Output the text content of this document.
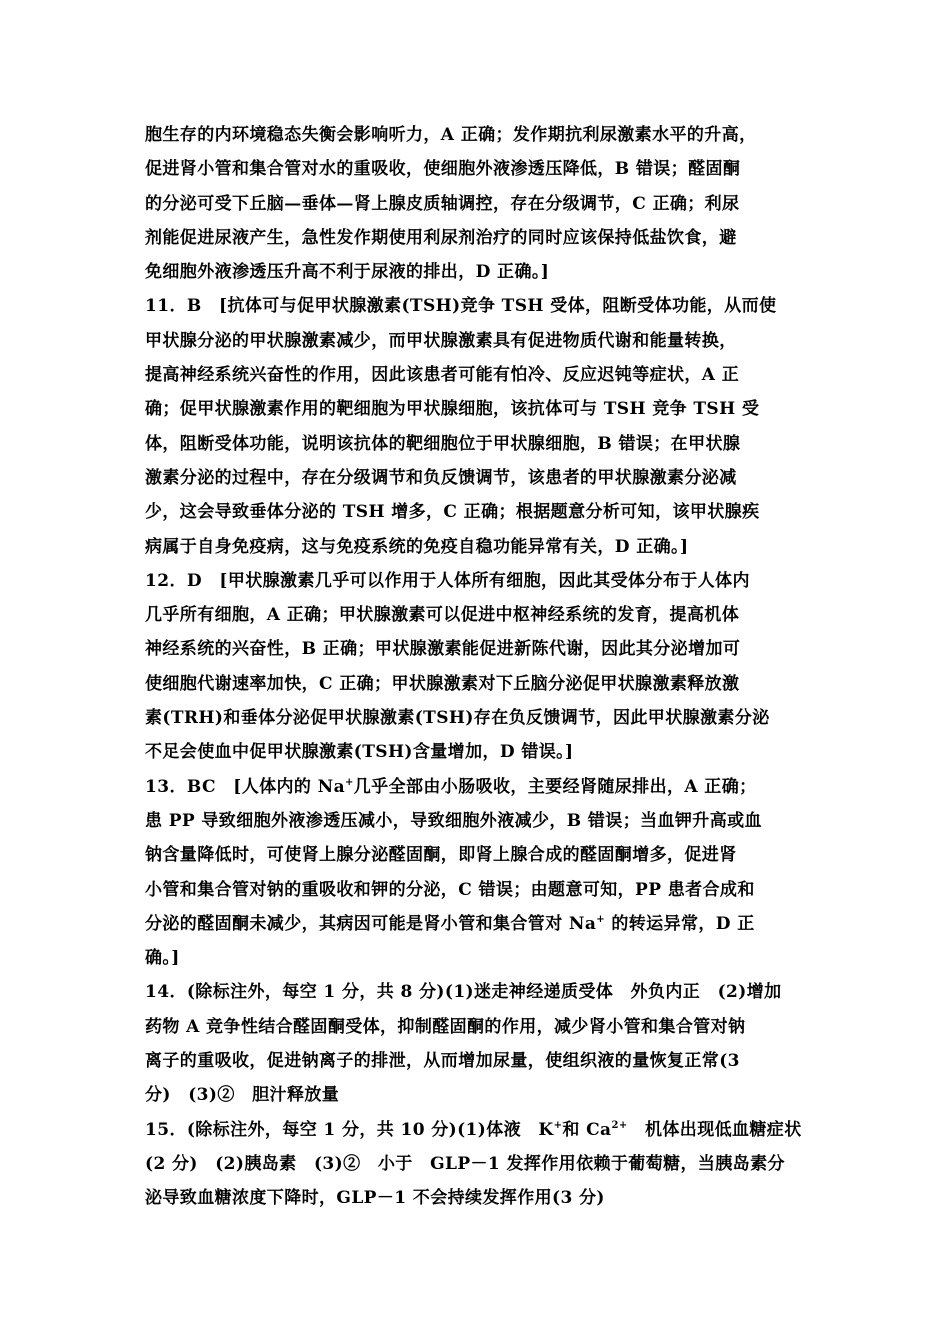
胞生存的内环境稳态失衡会影响听力，A 正确；发作期抗利尿激素水平的升高，
促进肾小管和集合管对水的重吸收，使细胞外液渗透压降低，B 错误；醛固酮
的分泌可受下丘脑—垂体—肾上腺皮质轴调控，存在分级调节，C 正确；利尿
剂能促进尿液产生，急性发作期使用利尿剂治疗的同时应该保持低盐饮食，避
免细胞外液渗透压升高不利于尿液的排出，D 正确。]
11．B　[抗体可与促甲状腺激素(TSH)竞争 TSH 受体，阻断受体功能，从而使
甲状腺分泌的甲状腺激素减少，而甲状腺激素具有促进物质代谢和能量转换，
提高神经系统兴奋性的作用，因此该患者可能有怕冷、反应迟钝等症状，A 正
确；促甲状腺激素作用的靶细胞为甲状腺细胞，该抗体可与 TSH 竞争 TSH 受
体，阻断受体功能，说明该抗体的靶细胞位于甲状腺细胞，B 错误；在甲状腺
激素分泌的过程中，存在分级调节和负反馈调节，该患者的甲状腺激素分泌减
少，这会导致垂体分泌的 TSH 增多，C 正确；根据题意分析可知，该甲状腺疾
病属于自身免疫病，这与免疫系统的免疫自稳功能异常有关，D 正确。]
12．D　[甲状腺激素几乎可以作用于人体所有细胞，因此其受体分布于人体内
几乎所有细胞，A 正确；甲状腺激素可以促进中枢神经系统的发育，提高机体
神经系统的兴奋性，B 正确；甲状腺激素能促进新陈代谢，因此其分泌增加可
使细胞代谢速率加快，C 正确；甲状腺激素对下丘脑分泌促甲状腺激素释放激
素(TRH)和垂体分泌促甲状腺激素(TSH)存在负反馈调节，因此甲状腺激素分泌
不足会使血中促甲状腺激素(TSH)含量增加，D 错误。]
13．BC　[人体内的 Na+几乎全部由小肠吸收，主要经肾随尿排出，A 正确；
患 PP 导致细胞外液渗透压减小，导致细胞外液减少，B 错误；当血钾升高或血
钠含量降低时，可使肾上腺分泌醛固酮，即肾上腺合成的醛固酮增多，促进肾
小管和集合管对钠的重吸收和钾的分泌，C 错误；由题意可知，PP 患者合成和
分泌的醛固酮未减少，其病因可能是肾小管和集合管对 Na+ 的转运异常，D 正
确。]
14．(除标注外，每空 1 分，共 8 分)(1)迷走神经递质受体　外负内正　(2)增加
药物 A 竞争性结合醛固酮受体，抑制醛固酮的作用，减少肾小管和集合管对钠
离子的重吸收，促进钠离子的排泄，从而增加尿量，使组织液的量恢复正常(3
分)　(3)②　胆汁释放量
15．(除标注外，每空 1 分，共 10 分)(1)体液　K+和 $Ca^{2+}$　机体出现低血糖症状
(2 分)　(2)胰岛素　(3)②　小于　GLP－1 发挥作用依赖于葡萄糖，当胰岛素分
泌导致血糖浓度下降时，GLP－1 不会持续发挥作用(3 分)
